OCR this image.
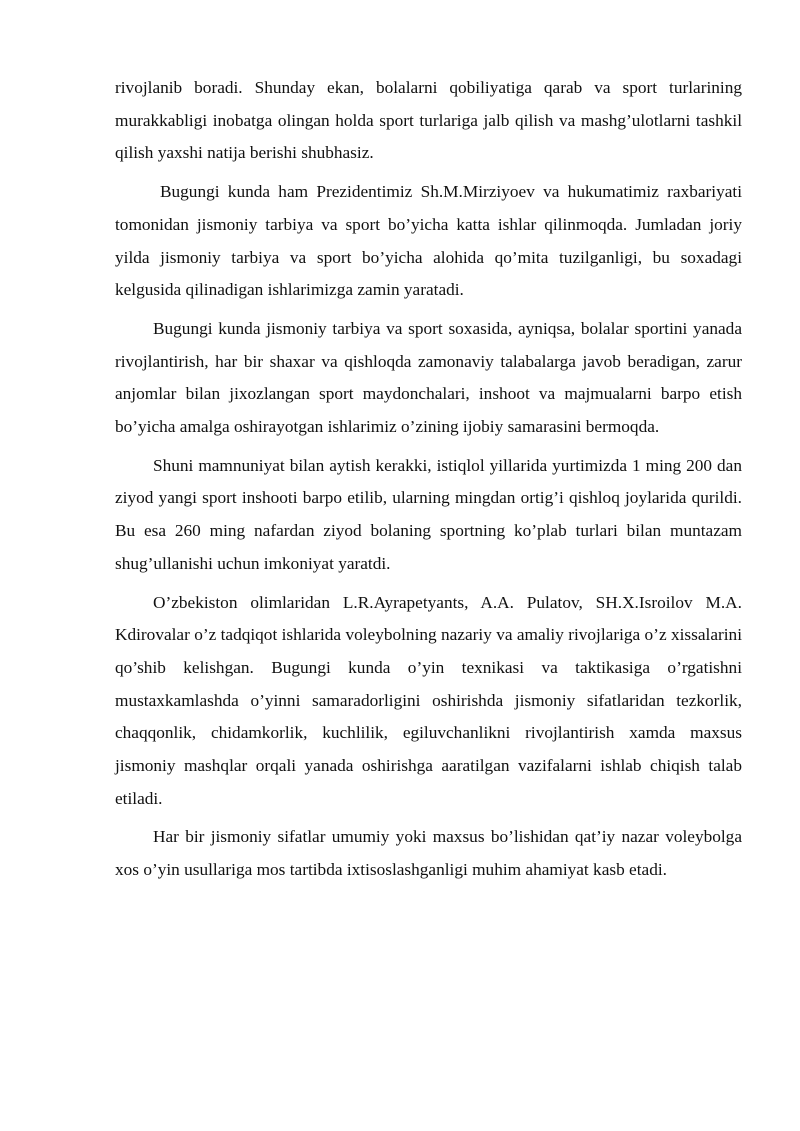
rivojlanib boradi. Shunday ekan, bolalarni qobiliyatiga qarab va sport turlarining murakkabligi inobatga olingan holda sport turlariga jalb qilish va mashg’ulotlarni tashkil qilish yaxshi natija berishi shubhasiz.

Bugungi kunda ham Prezidentimiz Sh.M.Mirziyoev va hukumatimiz raxbariyati tomonidan jismoniy tarbiya va sport bo’yicha katta ishlar qilinmoqda. Jumladan joriy yilda jismoniy tarbiya va sport bo’yicha alohida qo’mita tuzilganligi, bu soxadagi kelgusida qilinadigan ishlarimizga zamin yaratadi.

Bugungi kunda jismoniy tarbiya va sport soxasida, ayniqsa, bolalar sportini yanada rivojlantirish, har bir shaxar va qishloqda zamonaviy talabalarga javob beradigan, zarur anjomlar bilan jixozlangan sport maydonchalari, inshoot va majmualarni barpo etish bo’yicha amalga oshirayotgan ishlarimiz o’zining ijobiy samarasini bermoqda.

Shuni mamnuniyat bilan aytish kerakki, istiqlol yillarida yurtimizda 1 ming 200 dan ziyod yangi sport inshooti barpo etilib, ularning mingdan ortig’i qishloq joylarida qurildi. Bu esa 260 ming nafardan ziyod bolaning sportning ko’plab turlari bilan muntazam shug’ullanishi uchun imkoniyat yaratdi.

O’zbekiston olimlaridan L.R.Ayrapetyants, A.A. Pulatov, SH.X.Isroilov M.A. Kdirovalar o’z tadqiqot ishlarida voleybolning nazariy va amaliy rivojlariga o’z xissalarini qo’shib kelishgan. Bugungi kunda o’yin texnikasi va taktikasiga o’rgatishni mustaxkamlashda o’yinni samaradorligini oshirishda jismoniy sifatlaridan tezkorlik, chaqqonlik, chidamkorlik, kuchlilik, egiluvchanlikni rivojlantirish xamda maxsus jismoniy mashqlar orqali yanada oshirishga aaratilgan vazifalarni ishlab chiqish talab etiladi.

Har bir jismoniy sifatlar umumiy yoki maxsus bo’lishidan qat’iy nazar voleybolga xos o’yin usullariga mos tartibda ixtisoslashganligi muhim ahamiyat kasb etadi.
